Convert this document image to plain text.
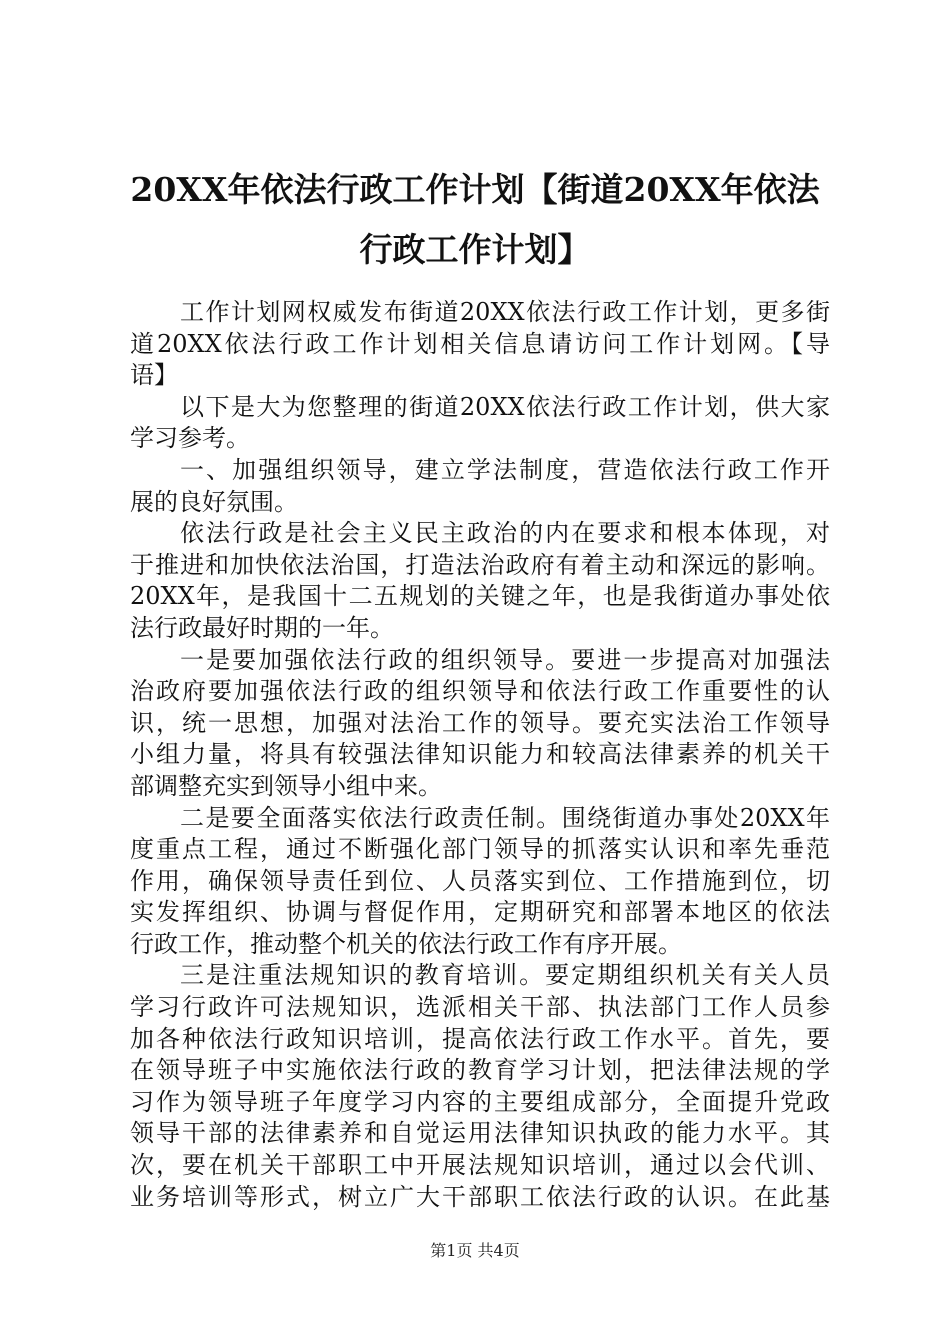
20XX年依法行政工作计划【街道20XX年依法
行政工作计划】
工作计划网权威发布街道20XX依法行政工作计划，更多街
道20XX依法行政工作计划相关信息请访问工作计划网。【导
语】
以下是大为您整理的街道20XX依法行政工作计划，供大家
学习参考。
一、加强组织领导，建立学法制度，营造依法行政工作开
展的良好氛围。
依法行政是社会主义民主政治的内在要求和根本体现，对
于推进和加快依法治国，打造法治政府有着主动和深远的影响。
20XX年，是我国十二五规划的关键之年，也是我街道办事处依
法行政最好时期的一年。
一是要加强依法行政的组织领导。要进一步提高对加强法
治政府要加强依法行政的组织领导和依法行政工作重要性的认
识，统一思想，加强对法治工作的领导。要充实法治工作领导
小组力量，将具有较强法律知识能力和较高法律素养的机关干
部调整充实到领导小组中来。
二是要全面落实依法行政责任制。围绕街道办事处20XX年
度重点工程，通过不断强化部门领导的抓落实认识和率先垂范
作用，确保领导责任到位、人员落实到位、工作措施到位，切
实发挥组织、协调与督促作用，定期研究和部署本地区的依法
行政工作，推动整个机关的依法行政工作有序开展。
三是注重法规知识的教育培训。要定期组织机关有关人员
学习行政许可法规知识，选派相关干部、执法部门工作人员参
加各种依法行政知识培训，提高依法行政工作水平。首先，要
在领导班子中实施依法行政的教育学习计划，把法律法规的学
习作为领导班子年度学习内容的主要组成部分，全面提升党政
领导干部的法律素养和自觉运用法律知识执政的能力水平。其
次，要在机关干部职工中开展法规知识培训，通过以会代训、
业务培训等形式，树立广大干部职工依法行政的认识。在此基
第1页 共4页
